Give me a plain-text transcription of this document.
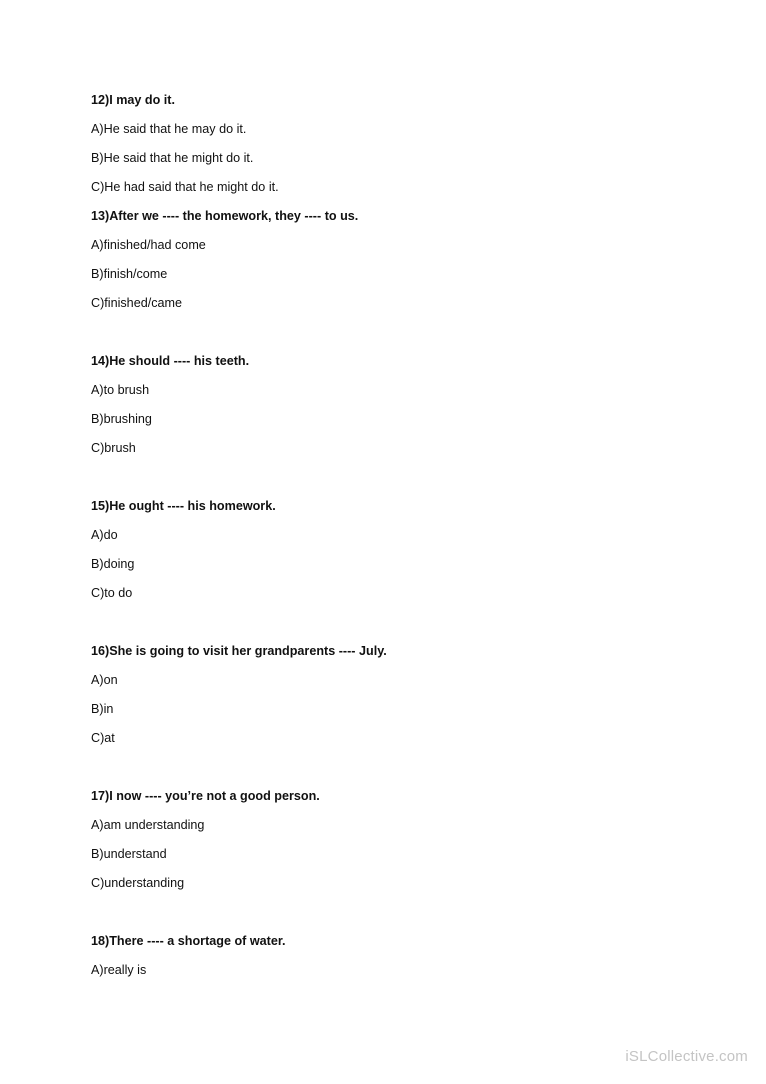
12)I may do it.
A)He said that he may do it.
B)He said that he might do it.
C)He had said that he might do it.
13)After we ---- the homework, they ---- to us.
A)finished/had come
B)finish/come
C)finished/came
14)He should ---- his teeth.
A)to brush
B)brushing
C)brush
15)He ought ---- his homework.
A)do
B)doing
C)to do
16)She is going to visit her grandparents ---- July.
A)on
B)in
C)at
17)I now ---- you’re not a good person.
A)am understanding
B)understand
C)understanding
18)There ---- a shortage of water.
A)really is
iSLCollective.com
